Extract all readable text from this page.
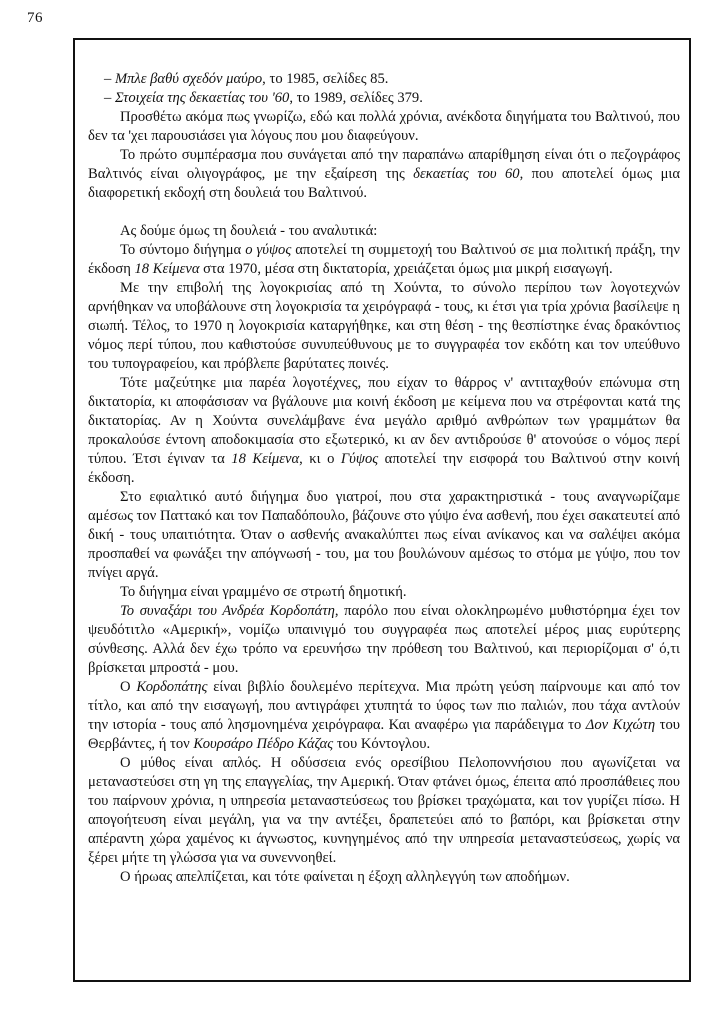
76

– Μπλε βαθύ σχεδόν μαύρο, το 1985, σελίδες 85.

– Στοιχεία της δεκαετίας του '60, το 1989, σελίδες 379.

Προσθέτω ακόμα πως γνωρίζω, εδώ και πολλά χρόνια, ανέκδοτα διηγήματα του Βαλτινού, που δεν τα 'χει παρουσιάσει για λόγους που μου διαφεύγουν.

Το πρώτο συμπέρασμα που συνάγεται από την παραπάνω απαρίθμηση είναι ότι ο πεζογράφος Βαλτινός είναι ολιγογράφος, με την εξαίρεση της δεκαετίας του 60, που αποτελεί όμως μια διαφορετική εκδοχή στη δουλειά του Βαλτινού.

Ας δούμε όμως τη δουλειά - του αναλυτικά:

Το σύντομο διήγημα ο γύψος αποτελεί τη συμμετοχή του Βαλτινού σε μια πολιτική πράξη, την έκδοση 18 Κείμενα στα 1970, μέσα στη δικτατορία, χρειάζεται όμως μια μικρή εισαγωγή.

Με την επιβολή της λογοκρισίας από τη Χούντα, το σύνολο περίπου των λογοτεχνών αρνήθηκαν να υποβάλουνε στη λογοκρισία τα χειρόγραφά - τους, κι έτσι για τρία χρόνια βασίλεψε η σιωπή. Τέλος, το 1970 η λογοκρισία καταργήθηκε, και στη θέση - της θεσπίστηκε ένας δρακόντιος νόμος περί τύπου, που καθιστούσε συνυπεύθυνους με το συγγραφέα τον εκδότη και τον υπεύθυνο του τυπογραφείου, και πρόβλεπε βαρύτατες ποινές.

Τότε μαζεύτηκε μια παρέα λογοτέχνες, που είχαν το θάρρος ν' αντιταχθούν επώνυμα στη δικτατορία, κι αποφάσισαν να βγάλουνε μια κοινή έκδοση με κείμενα που να στρέφονται κατά της δικτατορίας. Αν η Χούντα συνελάμβανε ένα μεγάλο αριθμό ανθρώπων των γραμμάτων θα προκαλούσε έντονη αποδοκιμασία στο εξωτερικό, κι αν δεν αντιδρούσε θ' ατονούσε ο νόμος περί τύπου. Έτσι έγιναν τα 18 Κείμενα, κι ο Γύψος αποτελεί την εισφορά του Βαλτινού στην κοινή έκδοση.

Στο εφιαλτικό αυτό διήγημα δυο γιατροί, που στα χαρακτηριστικά - τους αναγνωρίζαμε αμέσως τον Παττακό και τον Παπαδόπουλο, βάζουνε στο γύψο ένα ασθενή, που έχει σακατευτεί από δική - τους υπαιτιότητα. Όταν ο ασθενής ανακαλύπτει πως είναι ανίκανος και να σαλέψει ακόμα προσπαθεί να φωνάξει την απόγνωσή - του, μα του βουλώνουν αμέσως το στόμα με γύψο, που τον πνίγει αργά.

Το διήγημα είναι γραμμένο σε στρωτή δημοτική.

Το συναξάρι του Ανδρέα Κορδοπάτη, παρόλο που είναι ολοκληρωμένο μυθιστόρημα έχει τον ψευδότιτλο «Αμερική», νομίζω υπαινιγμό του συγγραφέα πως αποτελεί μέρος μιας ευρύτερης σύνθεσης. Αλλά δεν έχω τρόπο να ερευνήσω την πρόθεση του Βαλτινού, και περιορίζομαι σ' ό,τι βρίσκεται μπροστά - μου.

Ο Κορδοπάτης είναι βιβλίο δουλεμένο περίτεχνα. Μια πρώτη γεύση παίρνουμε και από τον τίτλο, και από την εισαγωγή, που αντιγράφει χτυπητά το ύφος των πιο παλιών, που τάχα αντλούν την ιστορία - τους από λησμονημένα χειρόγραφα. Και αναφέρω για παράδειγμα το Δον Κιχώτη του Θερβάντες, ή τον Κουρσάρο Πέδρο Κάζας του Κόντογλου.

Ο μύθος είναι απλός. Η οδύσσεια ενός ορεσίβιου Πελοποννήσιου που αγωνίζεται να μεταναστεύσει στη γη της επαγγελίας, την Αμερική. Όταν φτάνει όμως, έπειτα από προσπάθειες που του παίρνουν χρόνια, η υπηρεσία μεταναστεύσεως του βρίσκει τραχώματα, και τον γυρίζει πίσω. Η απογοήτευση είναι μεγάλη, για να την αντέξει, δραπετεύει από το βαπόρι, και βρίσκεται στην απέραντη χώρα χαμένος κι άγνωστος, κυνηγημένος από την υπηρεσία μεταναστεύσεως, χωρίς να ξέρει μήτε τη γλώσσα για να συνεννοηθεί.

Ο ήρωας απελπίζεται, και τότε φαίνεται η έξοχη αλληλεγγύη των αποδήμων.
